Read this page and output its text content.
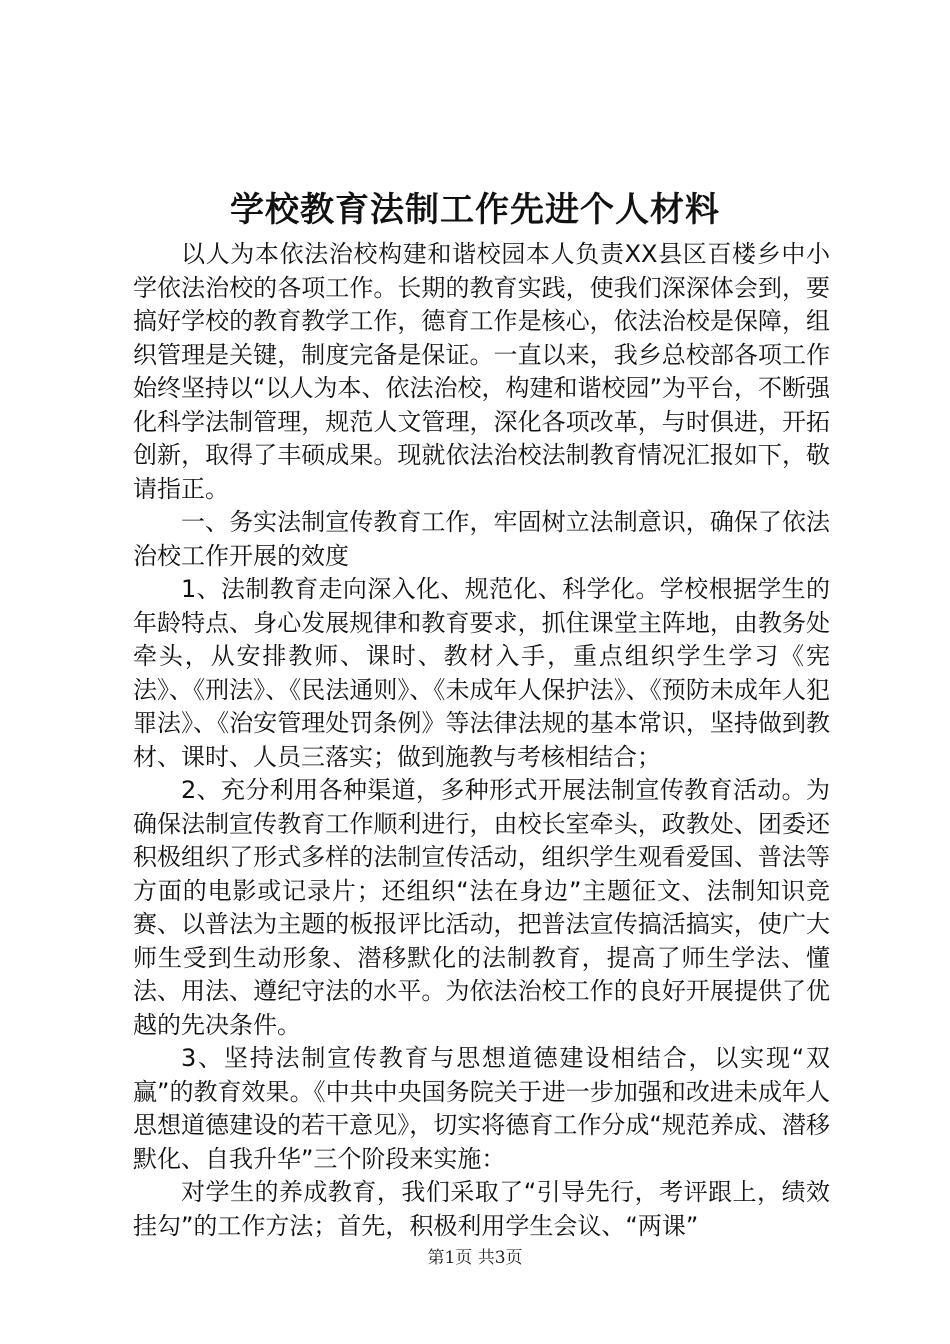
学校教育法制工作先进个人材料

以人为本依法治校构建和谐校园本人负责XX县区百楼乡中小学依法治校的各项工作。长期的教育实践，使我们深深体会到，要搞好学校的教育教学工作，德育工作是核心，依法治校是保障，组织管理是关键，制度完备是保证。一直以来，我乡总校部各项工作始终坚持以“以人为本、依法治校，构建和谐校园”为平台，不断强化科学法制管理，规范人文管理，深化各项改革，与时俱进，开拓创新，取得了丰硕成果。现就依法治校法制教育情况汇报如下，敬请指正。

一、务实法制宣传教育工作，牢固树立法制意识，确保了依法治校工作开展的效度

1、法制教育走向深入化、规范化、科学化。学校根据学生的年龄特点、身心发展规律和教育要求，抓住课堂主阵地，由教务处牵头，从安排教师、课时、教材入手，重点组织学生学习《宪法》、《刑法》、《民法通则》、《未成年人保护法》、《预防未成年人犯罪法》、《治安管理处罚条例》等法律法规的基本常识，坚持做到教材、课时、人员三落实；做到施教与考核相结合；

2、充分利用各种渠道，多种形式开展法制宣传教育活动。为确保法制宣传教育工作顺利进行，由校长室牵头，政教处、团委还积极组织了形式多样的法制宣传活动，组织学生观看爱国、普法等方面的电影或记录片；还组织“法在身边”主题征文、法制知识竞赛、以普法为主题的板报评比活动，把普法宣传搞活搞实，使广大师生受到生动形象、潜移默化的法制教育，提高了师生学法、懂法、用法、遵纪守法的水平。为依法治校工作的良好开展提供了优越的先决条件。

3、坚持法制宣传教育与思想道德建设相结合，以实现“双赢”的教育效果。《中共中央国务院关于进一步加强和改进未成年人思想道德建设的若干意见》，切实将德育工作分成“规范养成、潜移默化、自我升华”三个阶段来实施：

对学生的养成教育，我们采取了“引导先行，考评跟上，绩效挂勾”的工作方法；首先，积极利用学生会议、“两课”

第1页 共3页
